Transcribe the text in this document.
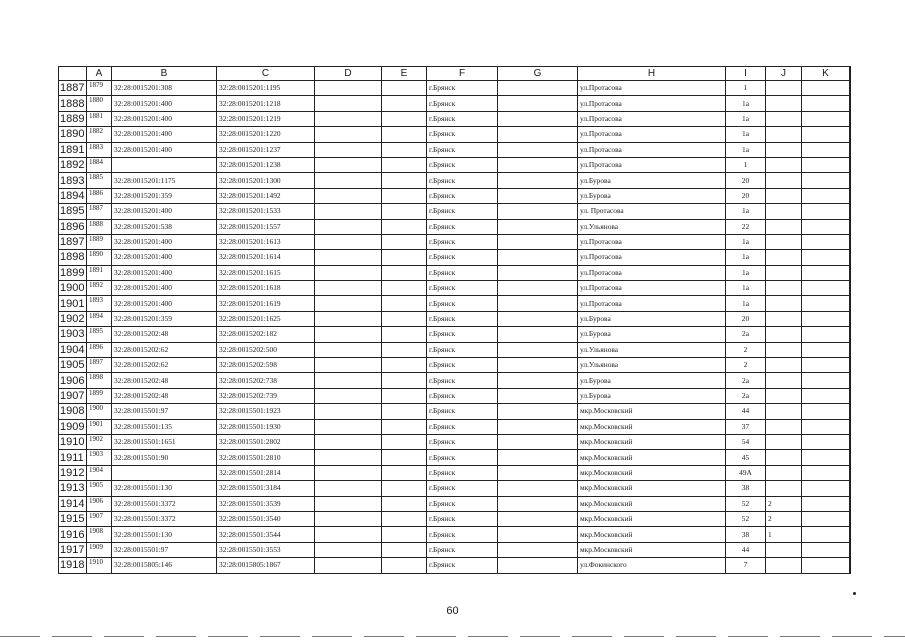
	A	B	C	D	E	F	G	H	I	J	K	
1887	1879	32:28:0015201:308	32:28:0015201:1195			г.Брянск		ул.Протасова	1			
1888	1880	32:28:0015201:400	32:28:0015201:1218			г.Брянск		ул.Протасова	1а			
1889	1881	32:28:0015201:400	32:28:0015201:1219			г.Брянск		ул.Протасова	1а			
1890	1882	32:28:0015201:400	32:28:0015201:1220			г.Брянск		ул.Протасова	1а			
1891	1883	32:28:0015201:400	32:28:0015201:1237			г.Брянск		ул.Протасова	1а			
1892	1884		32:28:0015201:1238			г.Брянск		ул.Протасова	1			
1893	1885	32:28:0015201:1175	32:28:0015201:1300			г.Брянск		ул.Бурова	20			
1894	1886	32:28:0015201:359	32:28:0015201:1492			г.Брянск		ул.Бурова	20			
1895	1887	32:28:0015201:400	32:28:0015201:1533			г.Брянск		ул. Протасова	1а			
1896	1888	32:28:0015201:538	32:28:0015201:1557			г.Брянск		ул.Ульянова	22			
1897	1889	32:28:0015201:400	32:28:0015201:1613			г.Брянск		ул.Протасова	1а			
1898	1890	32:28:0015201:400	32:28:0015201:1614			г.Брянск		ул.Протасова	1а			
1899	1891	32:28:0015201:400	32:28:0015201:1615			г.Брянск		ул.Протасова	1а			
1900	1892	32:28:0015201:400	32:28:0015201:1618			г.Брянск		ул.Протасова	1а			
1901	1893	32:28:0015201:400	32:28:0015201:1619			г.Брянск		ул.Протасова	1а			
1902	1894	32:28:0015201:359	32:28:0015201:1625			г.Брянск		ул.Бурова	20			
1903	1895	32:28:0015202:48	32:28:0015202:182			г.Брянск		ул.Бурова	2а			
1904	1896	32:28:0015202:62	32:28:0015202:500			г.Брянск		ул.Ульянова	2			
1905	1897	32:28:0015202:62	32:28:0015202:598			г.Брянск		ул.Ульянова	2			
1906	1898	32:28:0015202:48	32:28:0015202:738			г.Брянск		ул.Бурова	2а			
1907	1899	32:28:0015202:48	32:28:0015202:739			г.Брянск		ул.Бурова	2а			
1908	1900	32:28:0015501:97	32:28:0015501:1923			г.Брянск		мкр.Московский	44			
1909	1901	32:28:0015501:135	32:28:0015501:1930			г.Брянск		мкр.Московский	37			
1910	1902	32:28:0015501:1651	32:28:0015501:2802			г.Брянск		мкр.Московский	54			
1911	1903	32:28:0015501:90	32:28:0015501:2810			г.Брянск		мкр.Московский	45			
1912	1904		32:28:0015501:2814			г.Брянск		мкр.Московский	49А			
1913	1905	32:28:0015501:130	32:28:0015501:3184			г.Брянск		мкр.Московский	38			
1914	1906	32:28:0015501:3372	32:28:0015501:3539			г.Брянск		мкр.Московский	52	2		
1915	1907	32:28:0015501:3372	32:28:0015501:3540			г.Брянск		мкр.Московский	52	2		
1916	1908	32:28:0015501:130	32:28:0015501:3544			г.Брянск		мкр.Московский	38	1		
1917	1909	32:28:0015501:97	32:28:0015501:3553			г.Брянск		мкр.Московский	44			
1918	1910	32:28:0015805:146	32:28:0015805:1867			г.Брянск		ул.Фокинского	7			
60
